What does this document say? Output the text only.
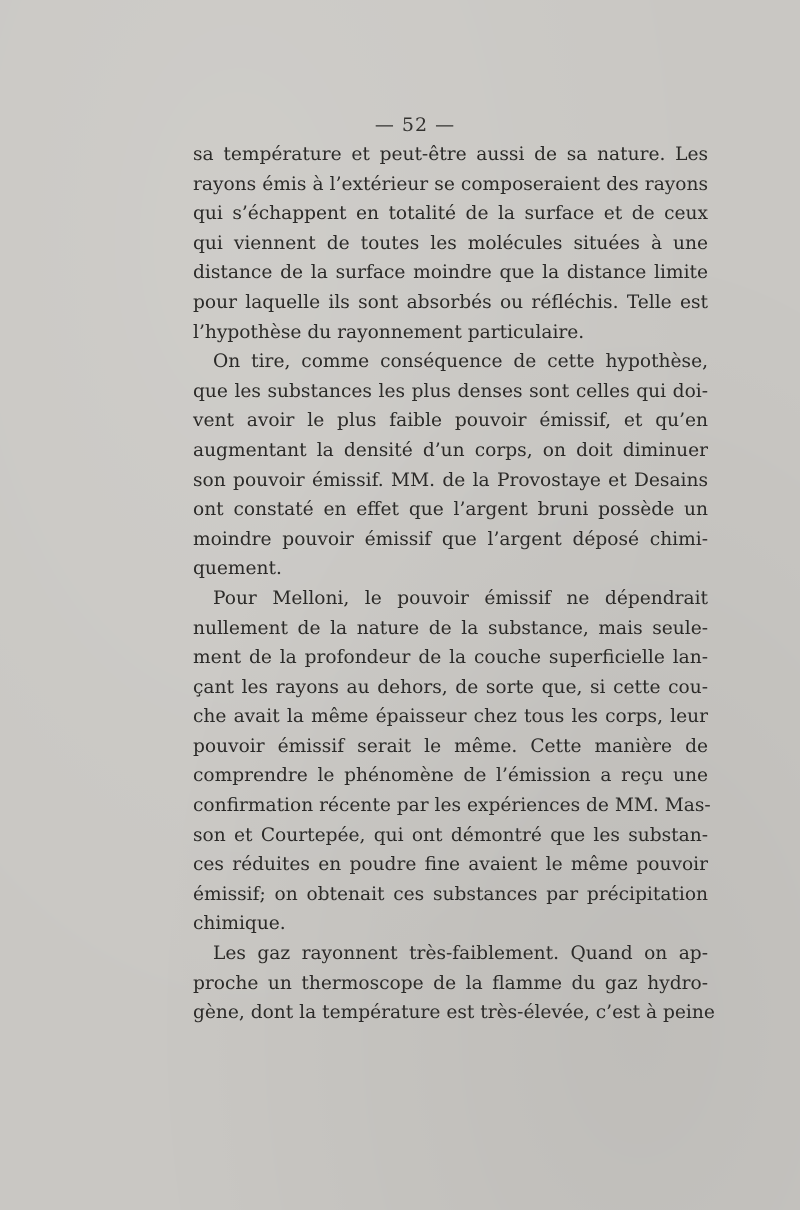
— 52 —

sa température et peut-être aussi de sa nature. Les
rayons émis à l’extérieur se composeraient des rayons
qui s’échappent en totalité de la surface et de ceux
qui viennent de toutes les molécules situées à une
distance de la surface moindre que la distance limite
pour laquelle ils sont absorbés ou réfléchis. Telle est
l’hypothèse du rayonnement particulaire.

On tire, comme conséquence de cette hypothèse,
que les substances les plus denses sont celles qui doi-
vent avoir le plus faible pouvoir émissif, et qu’en
augmentant la densité d’un corps, on doit diminuer
son pouvoir émissif. MM. de la Provostaye et Desains
ont constaté en effet que l’argent bruni possède un
moindre pouvoir émissif que l’argent déposé chimi-
quement.

Pour Melloni, le pouvoir émissif ne dépendrait
nullement de la nature de la substance, mais seule-
ment de la profondeur de la couche superficielle lan-
çant les rayons au dehors, de sorte que, si cette cou-
che avait la même épaisseur chez tous les corps, leur
pouvoir émissif serait le même. Cette manière de
comprendre le phénomène de l’émission a reçu une
confirmation récente par les expériences de MM. Mas-
son et Courtepée, qui ont démontré que les substan-
ces réduites en poudre fine avaient le même pouvoir
émissif; on obtenait ces substances par précipitation
chimique.

Les gaz rayonnent très-faiblement. Quand on ap-
proche un thermoscope de la flamme du gaz hydro-
gène, dont la température est très-élevée, c’est à peine
